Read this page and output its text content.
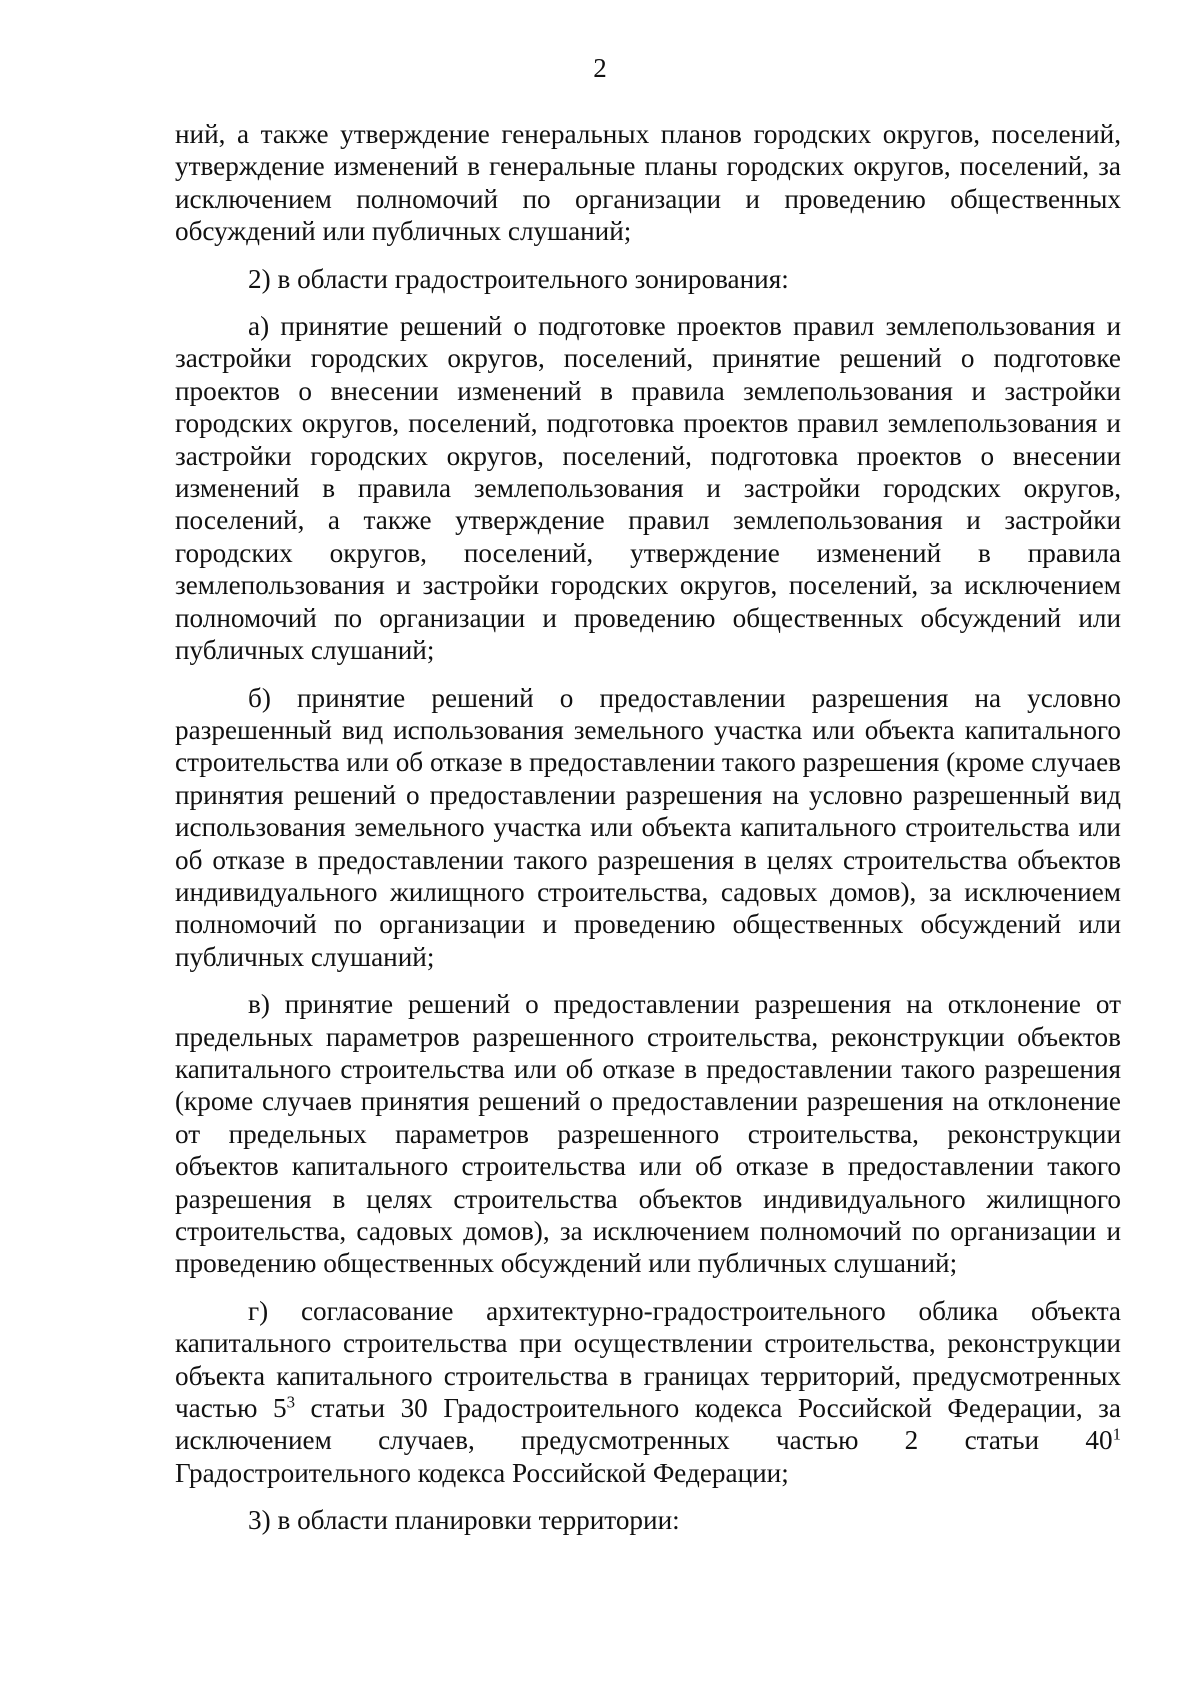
2

ний, а также утверждение генеральных планов городских округов, поселений, утверждение изменений в генеральные планы городских округов, поселений, за исключением полномочий по организации и проведению общественных обсуждений или публичных слушаний;

2) в области градостроительного зонирования:

а) принятие решений о подготовке проектов правил землепользования и застройки городских округов, поселений, принятие решений о подготовке проектов о внесении изменений в правила землепользования и застройки городских округов, поселений, подготовка проектов правил землепользования и застройки городских округов, поселений, подготовка проектов о внесении изменений в правила землепользования и застройки городских округов, поселений, а также утверждение правил землепользования и застройки городских округов, поселений, утверждение изменений в правила землепользования и застройки городских округов, поселений, за исключением полномочий по организации и проведению общественных обсуждений или публичных слушаний;

б) принятие решений о предоставлении разрешения на условно разрешенный вид использования земельного участка или объекта капитального строительства или об отказе в предоставлении такого разрешения (кроме случаев принятия решений о предоставлении разрешения на условно разрешенный вид использования земельного участка или объекта капитального строительства или об отказе в предоставлении такого разрешения в целях строительства объектов индивидуального жилищного строительства, садовых домов), за исключением полномочий по организации и проведению общественных обсуждений или публичных слушаний;

в) принятие решений о предоставлении разрешения на отклонение от предельных параметров разрешенного строительства, реконструкции объектов капитального строительства или об отказе в предоставлении такого разрешения (кроме случаев принятия решений о предоставлении разрешения на отклонение от предельных параметров разрешенного строительства, реконструкции объектов капитального строительства или об отказе в предоставлении такого разрешения в целях строительства объектов индивидуального жилищного строительства, садовых домов), за исключением полномочий по организации и проведению общественных обсуждений или публичных слушаний;

г) согласование архитектурно-градостроительного облика объекта капитального строительства при осуществлении строительства, реконструкции объекта капитального строительства в границах территорий, предусмотренных частью $5^3$ статьи 30 Градостроительного кодекса Российской Федерации, за исключением случаев, предусмотренных частью 2 статьи $40^1$ Градостроительного кодекса Российской Федерации;

3) в области планировки территории:
